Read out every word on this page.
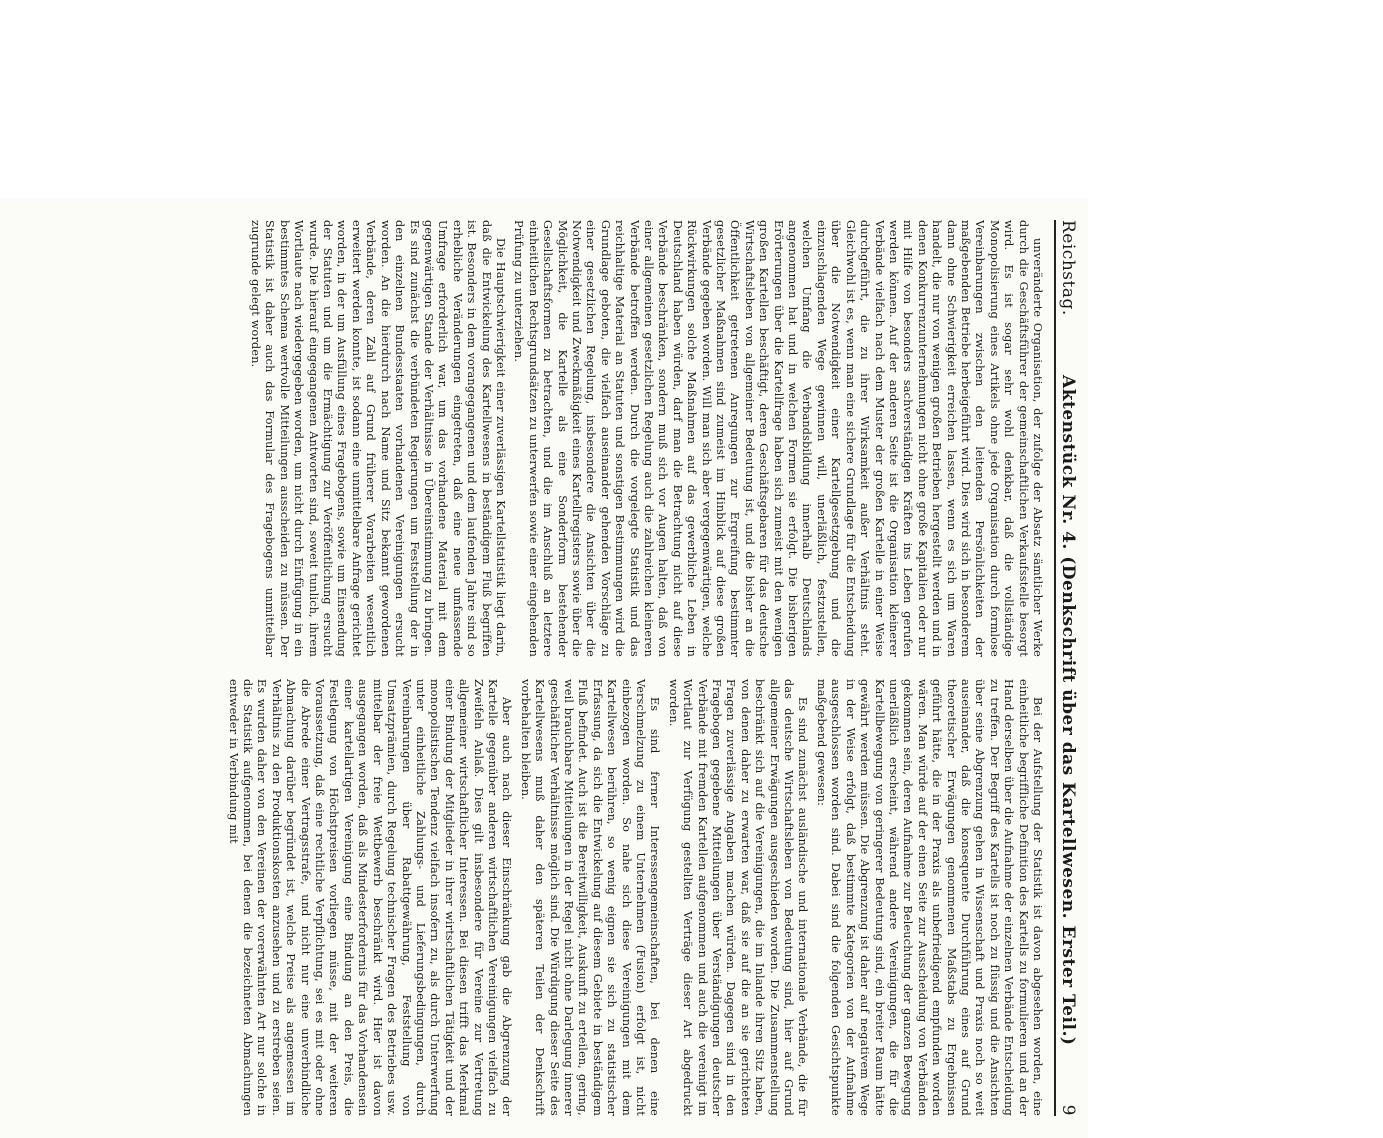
Reichstag.
Aktenstück Nr. 4. (Denkschrift über das Kartellwesen. Erster Teil.)
9

unveränderte Organisation, der zufolge der Absatz sämtlicher Werke durch die Geschäftsführer der gemeinschaftlichen Verkaufsstelle besorgt wird. Es ist sogar sehr wohl denkbar, daß die vollständige Monopolisierung eines Artikels ohne jede Organisation durch formlose Vereinbarungen zwischen den leitenden Persönlichkeiten der maßgebenden Betriebe herbeigeführt wird. Dies wird sich in besonderem dann ohne Schwierigkeit erreichen lassen, wenn es sich um Waren handelt, die nur von wenigen großen Betrieben hergestellt werden und in denen Konkurrenzunternehmungen nicht ohne große Kapitalien oder nur mit Hilfe von besonders sachverständigen Kräften ins Leben gerufen werden können. Auf der anderen Seite ist die Organisation kleinerer Verbände vielfach nach dem Muster der großen Kartelle in einer Weise durchgeführt, die zu ihrer Wirksamkeit außer Verhältnis steht. Gleichwohl ist es, wenn man eine sichere Grundlage für die Entscheidung über die Notwendigkeit einer Kartellgesetzgebung und die einzuschlagenden Wege gewinnen will, unerläßlich, festzustellen, welchen Umfang die Verbandsbildung innerhalb Deutschlands angenommen hat und in welchen Formen sie erfolgt. Die bisherigen Erörterungen über die Kartellfrage haben sich zumeist mit den wenigen großen Kartellen beschäftigt, deren Geschäftsgebaren für das deutsche Wirtschaftsleben von allgemeiner Bedeutung ist, und die bisher an die Öffentlichkeit getretenen Anregungen zur Ergreifung bestimmter gesetzlicher Maßnahmen sind zumeist im Hinblick auf diese großen Verbände gegeben worden. Will man sich aber vergegenwärtigen, welche Rückwirkungen solche Maßnahmen auf das gewerbliche Leben in Deutschland haben würden, darf man die Betrachtung nicht auf diese Verbände beschränken, sondern muß sich vor Augen halten, daß von einer allgemeinen gesetzlichen Regelung auch die zahlreichen kleineren Verbände betroffen werden. Durch die vorgelegte Statistik und das reichhaltige Material an Statuten und sonstigen Bestimmungen wird die Grundlage geboten, die vielfach auseinander gehenden Vorschläge zu einer gesetzlichen Regelung, insbesondere die Ansichten über die Notwendigkeit und Zweckmäßigkeit eines Kartellregisters sowie über die Möglichkeit, die Kartelle als eine Sonderform bestehender Gesellschaftsformen zu betrachten, und die im Anschluß an letztere einheitlichen Rechtsgrundsätzen zu unterwerfen sowie einer eingehenden Prüfung zu unterziehen.

Die Hauptschwierigkeit einer zuverlässigen Kartellstatistik liegt darin, daß die Entwickelung des Kartellwesens in beständigem Fluß begriffen ist. Besonders in dem vorangegangenen und dem laufenden Jahre sind so erhebliche Veränderungen eingetreten, daß eine neue umfassende Umfrage erforderlich war, um das vorhandene Material mit dem gegenwärtigen Stande der Verhältnisse in Übereinstimmung zu bringen. Es sind zunächst die verbündeten Regierungen um Feststellung der in den einzelnen Bundesstaaten vorhandenen Vereinigungen ersucht worden. An die hierdurch nach Name und Sitz bekannt gewordenen Verbände, deren Zahl auf Grund früherer Vorarbeiten wesentlich erweitert werden konnte, ist sodann eine unmittelbare Anfrage gerichtet worden, in der um Ausfüllung eines Fragebogens, sowie um Einsendung der Statuten und um die Ermächtigung zur Veröffentlichung ersucht wurde. Die hierauf eingegangenen Antworten sind, soweit tunlich, ihrem Wortlaute nach wiedergegeben worden, um nicht durch Einfügung in ein bestimmtes Schema wertvolle Mitteilungen ausscheiden zu müssen. Der Statistik ist daher auch das Formular des Fragebogens unmittelbar zugrunde gelegt worden.

Bei der Aufstellung der Statistik ist davon abgesehen worden, eine einheitliche begriffliche Definition des Kartells zu formulieren und an der Hand derselben über die Aufnahme der einzelnen Verbände Entscheidung zu treffen. Der Begriff des Kartells ist noch zu flüssig und die Ansichten über seine Abgrenzung gehen in Wissenschaft und Praxis noch so weit auseinander, daß die konsequente Durchführung eines auf Grund theoretischer Erwägungen genommenen Maßstabs zu Ergebnissen geführt hätte, die in der Praxis als unbefriedigend empfunden worden wären. Man würde auf der einen Seite zur Ausscheidung von Verbänden gekommen sein, deren Aufnahme zur Beleuchtung der ganzen Bewegung unerläßlich erscheint, während andere Vereinigungen, die für die Kartellbewegung von geringerer Bedeutung sind, ein breiter Raum hätte gewährt werden müssen. Die Abgrenzung ist daher auf negativem Wege in der Weise erfolgt, daß bestimmte Kategorien von der Aufnahme ausgeschlossen worden sind. Dabei sind die folgenden Gesichtspunkte maßgebend gewesen:

Es sind zunächst ausländische und internationale Verbände, die für das deutsche Wirtschaftsleben von Bedeutung sind, hier auf Grund allgemeiner Erwägungen ausgeschieden worden. Die Zusammenstellung beschränkt sich auf die Vereinigungen, die im Inlande ihren Sitz haben, von denen daher zu erwarten war, daß sie auf die an sie gerichteten Fragen zuverlässige Angaben machen würden. Dagegen sind in den Fragebogen gegebene Mitteilungen über Verständigungen deutscher Verbände mit fremden Kartellen aufgenommen und auch die vereinigt im Wortlaut zur Verfügung gestellten Verträge dieser Art abgedruckt worden.

Es sind ferner Interessengemeinschaften, bei denen eine Verschmelzung zu einem Unternehmen (Fusion) erfolgt ist, nicht einbezogen worden. So nahe sich diese Vereinigungen mit dem Kartellwesen berühren, so wenig eignen sie sich zu statistischer Erfassung, da sich die Entwickelung auf diesem Gebiete in beständigem Fluß befindet. Auch ist die Bereitwilligkeit, Auskunft zu erteilen, gering, weil brauchbare Mitteilungen in der Regel nicht ohne Darlegung innerer geschäftlicher Verhältnisse möglich sind. Die Würdigung dieser Seite des Kartellwesens muß daher den späteren Teilen der Denkschrift vorbehalten bleiben.

Aber auch nach dieser Einschränkung gab die Abgrenzung der Kartelle gegenüber anderen wirtschaftlichen Vereinigungen vielfach zu Zweifeln Anlaß. Dies gilt insbesondere für Vereine zur Vertretung allgemeiner wirtschaftlicher Interessen. Bei diesen trifft das Merkmal einer Bindung der Mitglieder in ihrer wirtschaftlichen Tätigkeit und der monopolistischen Tendenz vielfach insofern zu, als durch Unterwerfung unter einheitliche Zahlungs- und Lieferungsbedingungen, durch Vereinbarungen über Rabattgewährung, Feststellung von Umsatzprämien, durch Regelung technischer Fragen des Betriebes usw. mittelbar der freie Wettbewerb beschränkt wird. Hier ist davon ausgegangen worden, daß als Mindesterfordernis für das Vorhandensein einer kartellartigen Vereinigung eine Bindung an den Preis, die Festlegung von Höchstpreisen vorliegen müsse, mit der weiteren Voraussetzung, daß eine rechtliche Verpflichtung, sei es mit oder ohne die Abrede einer Vertragsstrafe, und nicht nur eine unverbindliche Abmachung darüber begründet ist, welche Preise als angemessen im Verhältnis zu den Produktionskosten anzusehen und zu erstreben seien. Es wurden daher von den Vereinen der vorerwähnten Art nur solche in die Statistik aufgenommen, bei denen die bezeichneten Abmachungen entweder in Verbindung mit
